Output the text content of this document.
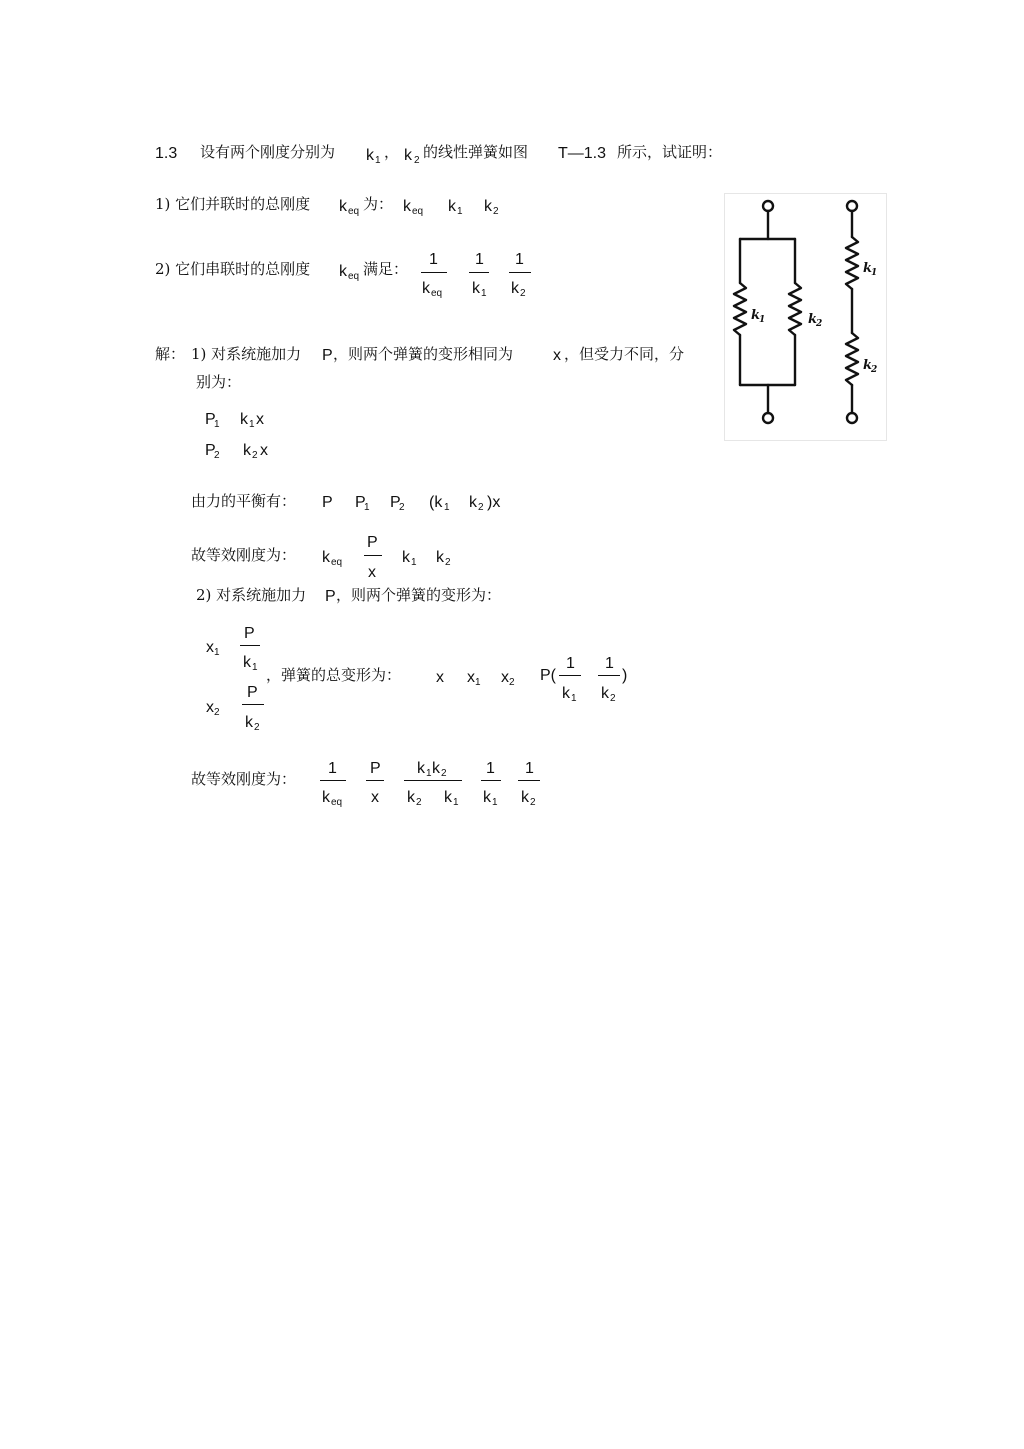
1.3 设有两个刚度分别为 k 1 ， k 2 的线性弹簧如图 T—1.3 所示，试证明：
1) 它们并联时的总刚度 k eq 为： k eq k 1 k 2
2) 它们串联时的总刚度 k eq 满足：
1
k eq
1
k 1
1
k 2
k
1	k
2
k
1
k
2
解： 1) 对系统施加力 P ，则两个弹簧的变形相同为 x ，但受力不同，分
别为：
P
1 k 1 x
P
2 k 2 x
由力的平衡有： P P
1 P
2 (k 1 k 2 )x
故等效刚度为： k eq
P
x
k 1 k 2
2) 对系统施加力 P ，则两个弹簧的变形为：
x 1
P
k 1
x 2
P
k 2
，弹簧的总变形为： x x 1 x 2 P(
1
k 1
1
k 2
)
故等效刚度为：
1
k eq
P
x
k 1 k 2
k 2 k 1
1
k 1
1
k 2
